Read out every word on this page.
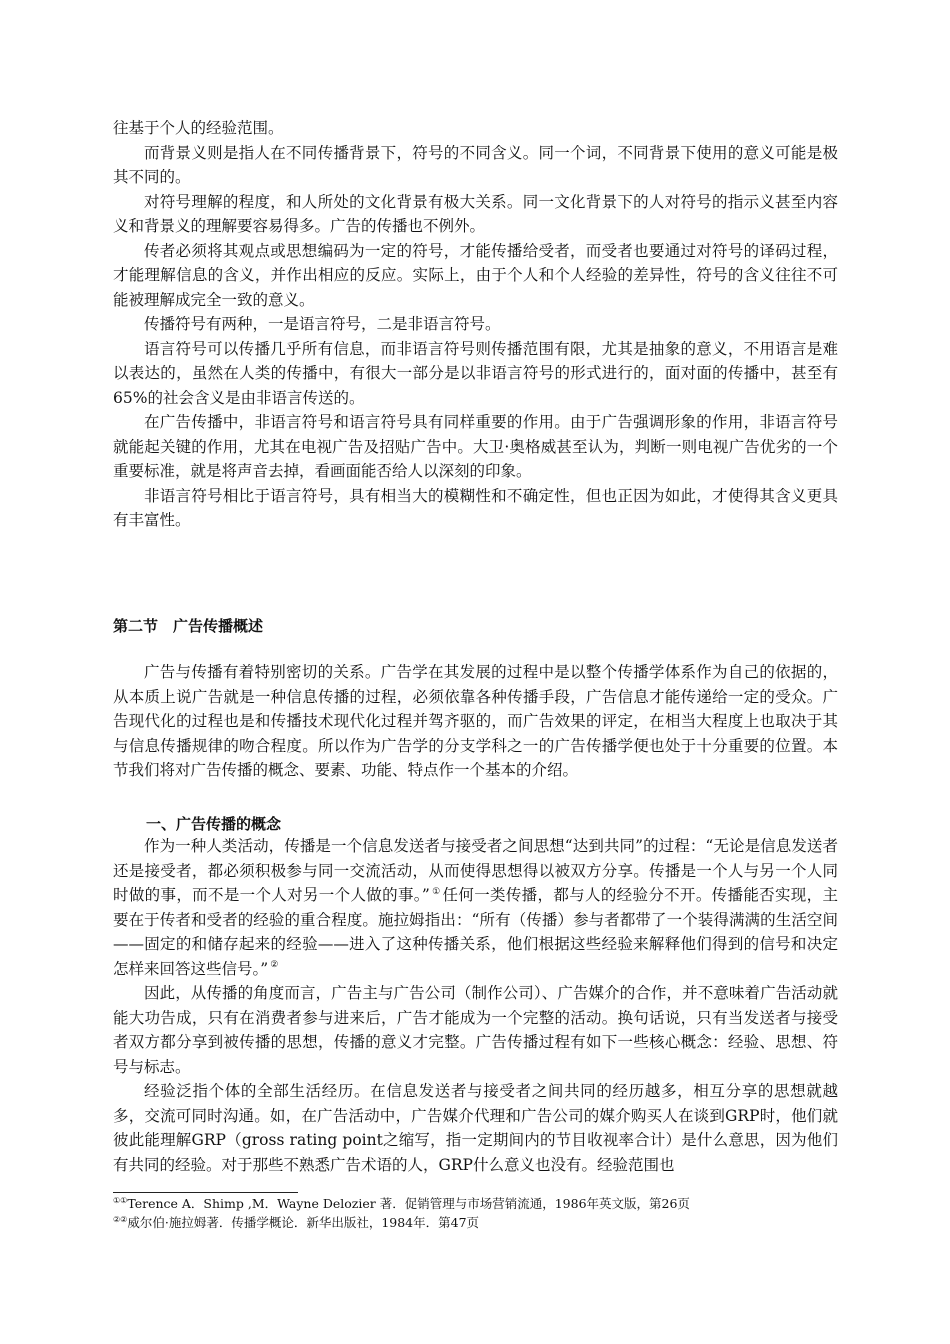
往基于个人的经验范围。

而背景义则是指人在不同传播背景下，符号的不同含义。同一个词，不同背景下使用的意义可能是极其不同的。

对符号理解的程度，和人所处的文化背景有极大关系。同一文化背景下的人对符号的指示义甚至内容义和背景义的理解要容易得多。广告的传播也不例外。

传者必须将其观点或思想编码为一定的符号，才能传播给受者，而受者也要通过对符号的译码过程，才能理解信息的含义，并作出相应的反应。实际上，由于个人和个人经验的差异性，符号的含义往往不可能被理解成完全一致的意义。

传播符号有两种，一是语言符号，二是非语言符号。

语言符号可以传播几乎所有信息，而非语言符号则传播范围有限，尤其是抽象的意义，不用语言是难以表达的，虽然在人类的传播中，有很大一部分是以非语言符号的形式进行的，面对面的传播中，甚至有65%的社会含义是由非语言传送的。

在广告传播中，非语言符号和语言符号具有同样重要的作用。由于广告强调形象的作用，非语言符号就能起关键的作用，尤其在电视广告及招贴广告中。大卫·奥格威甚至认为，判断一则电视广告优劣的一个重要标准，就是将声音去掉，看画面能否给人以深刻的印象。

非语言符号相比于语言符号，具有相当大的模糊性和不确定性，但也正因为如此，才使得其含义更具有丰富性。

第二节　广告传播概述

广告与传播有着特别密切的关系。广告学在其发展的过程中是以整个传播学体系作为自己的依据的，从本质上说广告就是一种信息传播的过程，必须依靠各种传播手段，广告信息才能传递给一定的受众。广告现代化的过程也是和传播技术现代化过程并驾齐驱的，而广告效果的评定，在相当大程度上也取决于其与信息传播规律的吻合程度。所以作为广告学的分支学科之一的广告传播学便也处于十分重要的位置。本节我们将对广告传播的概念、要素、功能、特点作一个基本的介绍。

一、广告传播的概念

作为一种人类活动，传播是一个信息发送者与接受者之间思想“达到共同”的过程：“无论是信息发送者还是接受者，都必须积极参与同一交流活动，从而使得思想得以被双方分享。传播是一个人与另一个人同时做的事，而不是一个人对另一个人做的事。” ① 任何一类传播，都与人的经验分不开。传播能否实现，主要在于传者和受者的经验的重合程度。施拉姆指出：“所有（传播）参与者都带了一个装得满满的生活空间——固定的和储存起来的经验——进入了这种传播关系，他们根据这些经验来解释他们得到的信号和决定怎样来回答这些信号。” ②

因此，从传播的角度而言，广告主与广告公司（制作公司）、广告媒介的合作，并不意味着广告活动就能大功告成，只有在消费者参与进来后，广告才能成为一个完整的活动。换句话说，只有当发送者与接受者双方都分享到被传播的思想，传播的意义才完整。广告传播过程有如下一些核心概念：经验、思想、符号与标志。

经验泛指个体的全部生活经历。在信息发送者与接受者之间共同的经历越多，相互分享的思想就越多，交流可同时沟通。如，在广告活动中，广告媒介代理和广告公司的媒介购买人在谈到GRP时，他们就彼此能理解GRP（gross rating point之缩写，指一定期间内的节目收视率合计）是什么意思，因为他们有共同的经验。对于那些不熟悉广告术语的人，GRP什么意义也没有。经验范围也

①①Terence A．Shimp ,M．Wayne Delozier 著．促销管理与市场营销流通，1986年英文版，第26页

②②威尔伯·施拉姆著．传播学概论．新华出版社，1984年．第47页
